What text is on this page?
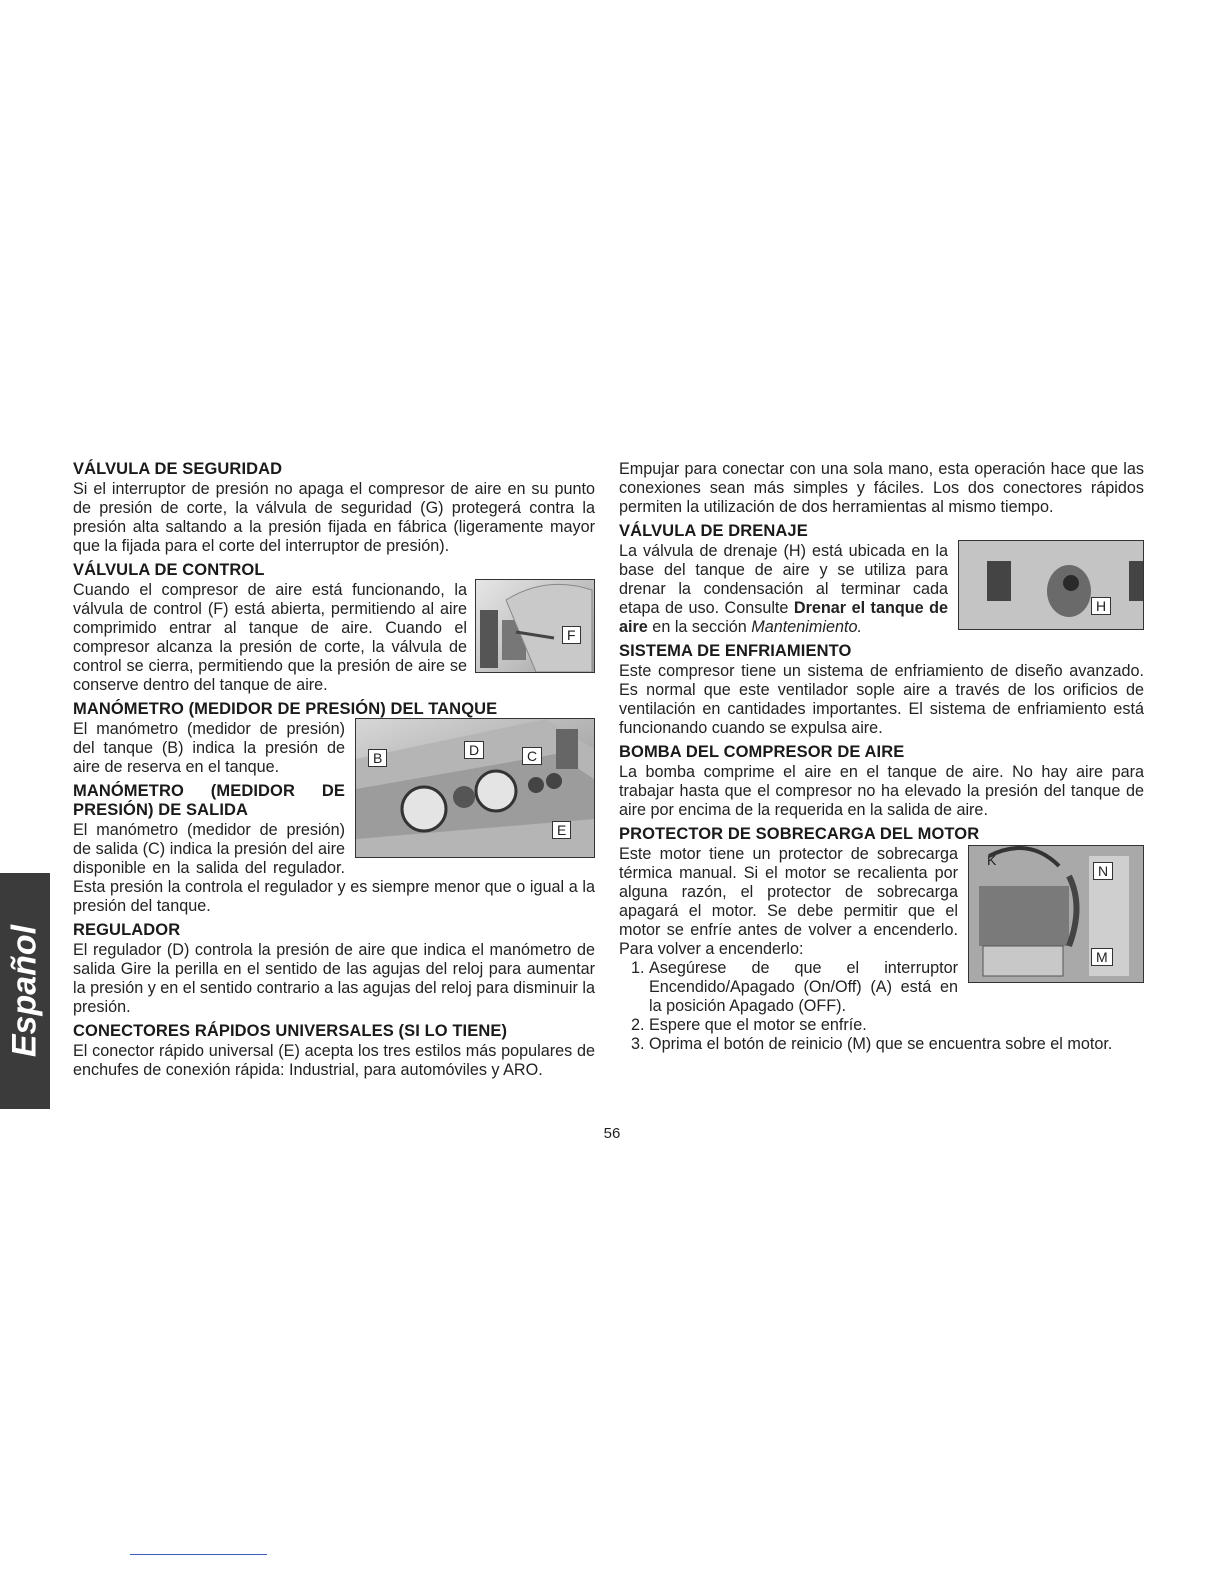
VÁLVULA DE SEGURIDAD

Si el interruptor de presión no apaga el compresor de aire en su punto de presión de corte, la válvula de seguridad (G) protegerá contra la presión alta saltando a la presión fijada en fábrica (ligeramente mayor que la fijada para el corte del interruptor de presión).

VÁLVULA DE CONTROL
F

Cuando el compresor de aire está funcionando, la válvula de control (F) está abierta, permitiendo al aire comprimido entrar al tanque de aire. Cuando el compresor alcanza la presión de corte, la válvula de control se cierra, permitiendo que la presión de aire se conserve dentro del tanque de aire.

MANÓMETRO (MEDIDOR DE PRESIÓN) DEL TANQUE
B	D	C
E

El manómetro (medidor de presión) del tanque (B) indica la presión de aire de reserva en el tanque.

MANÓMETRO (MEDIDOR DE PRESIÓN) DE SALIDA

El manómetro (medidor de presión) de salida (C) indica la presión del aire disponible en la salida del regulador. Esta presión la controla el regulador y es siempre menor que o igual a la presión del tanque.

REGULADOR

El regulador (D) controla la presión de aire que indica el manómetro de salida Gire la perilla en el sentido de las agujas del reloj para aumentar la presión y en el sentido contrario a las agujas del reloj para disminuir la presión.

CONECTORES RÁPIDOS UNIVERSALES (SI LO TIENE)

El conector rápido universal (E) acepta los tres estilos más populares de enchufes de conexión rápida: Industrial, para automóviles y ARO.

Empujar para conectar con una sola mano, esta operación hace que las conexiones sean más simples y fáciles. Los dos conectores rápidos permiten la utilización de dos herramientas al mismo tiempo.

VÁLVULA DE DRENAJE
H

La válvula de drenaje (H) está ubicada en la base del tanque de aire y se utiliza para drenar la condensación al terminar cada etapa de uso. Consulte Drenar el tanque de aire en la sección Mantenimiento.

SISTEMA DE ENFRIAMIENTO

Este compresor tiene un sistema de enfriamiento de diseño avanzado. Es normal que este ventilador sople aire a través de los orificios de ventilación en cantidades importantes. El sistema de enfriamiento está funcionando cuando se expulsa aire.

BOMBA DEL COMPRESOR DE AIRE

La bomba comprime el aire en el tanque de aire. No hay aire para trabajar hasta que el compresor no ha elevado la presión del tanque de aire por encima de la requerida en la salida de aire.

PROTECTOR DE SOBRECARGA DEL MOTOR
K
N
M

Este motor tiene un protector de sobrecarga térmica manual. Si el motor se recalienta por alguna razón, el protector de sobrecarga apagará el motor. Se debe permitir que el motor se enfríe antes de volver a encenderlo. Para volver a encenderlo:

1. Asegúrese de que el interruptor Encendido/Apagado (On/Off) (A) está en la posición Apagado (OFF).
2. Espere que el motor se enfríe.
3. Oprima el botón de reinicio (M) que se encuentra sobre el motor.
56
Español
